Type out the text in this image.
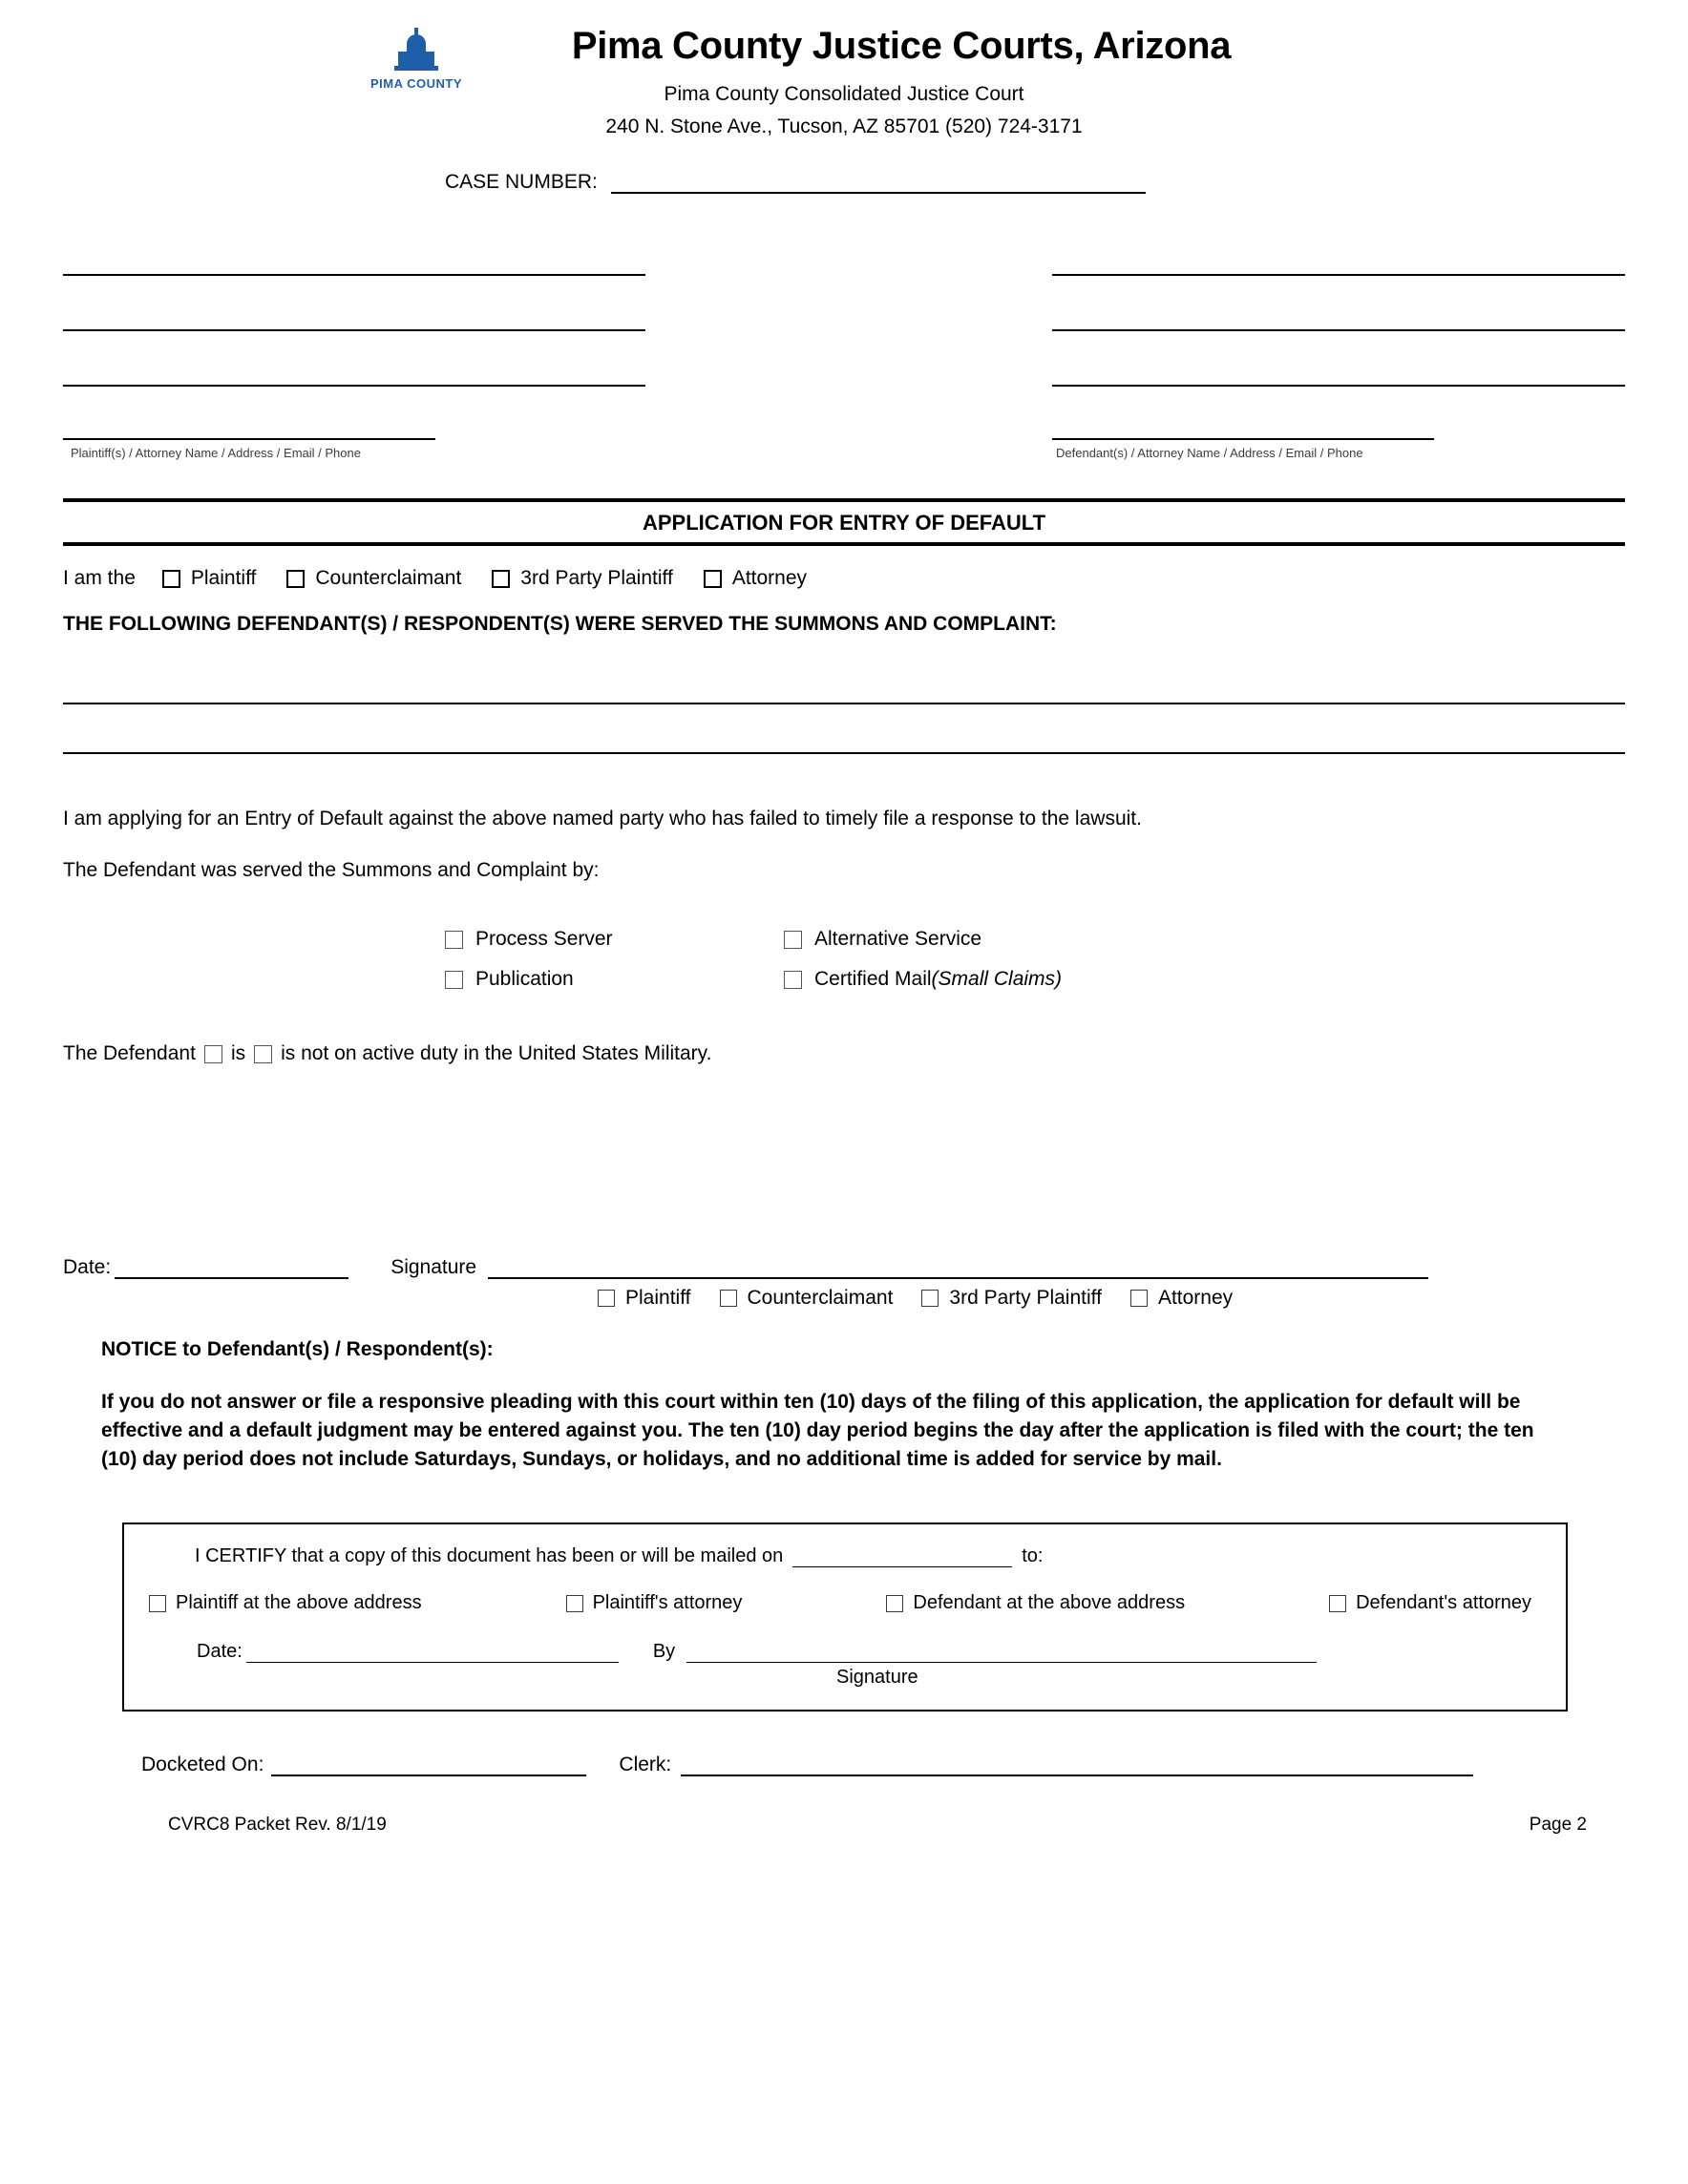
PIMA COUNTY
Pima County Justice Courts, Arizona
Pima County Consolidated Justice Court
240 N. Stone Ave., Tucson, AZ 85701 (520) 724-3171
CASE NUMBER:
Plaintiff(s) / Attorney Name / Address / Email / Phone	Defendant(s) / Attorney Name / Address / Email / Phone
APPLICATION FOR ENTRY OF DEFAULT
I am the	Plaintiff	Counterclaimant	3rd Party Plaintiff	Attorney
THE FOLLOWING DEFENDANT(S) / RESPONDENT(S) WERE SERVED THE SUMMONS AND COMPLAINT:
I am applying for an Entry of Default against the above named party who has failed to timely file a response to the lawsuit.
The Defendant was served the Summons and Complaint by:
Process Server	Alternative Service
Publication	Certified Mail (Small Claims)
The Defendant is is not on active duty in the United States Military.
Date:	Signature
Plaintiff	Counterclaimant	3rd Party Plaintiff	Attorney
NOTICE to Defendant(s) / Respondent(s):
If you do not answer or file a responsive pleading with this court within ten (10) days of the filing of this application, the application for default will be effective and a default judgment may be entered against you. The ten (10) day period begins the day after the application is filed with the court; the ten (10) day period does not include Saturdays, Sundays, or holidays, and no additional time is added for service by mail.
I CERTIFY that a copy of this document has been or will be mailed on	to:
Plaintiff at the above address	Plaintiff's attorney	Defendant at the above address	Defendant's attorney
Date:	By
Signature
Docketed On:	Clerk:
CVRC8 Packet Rev. 8/1/19	Page 2
